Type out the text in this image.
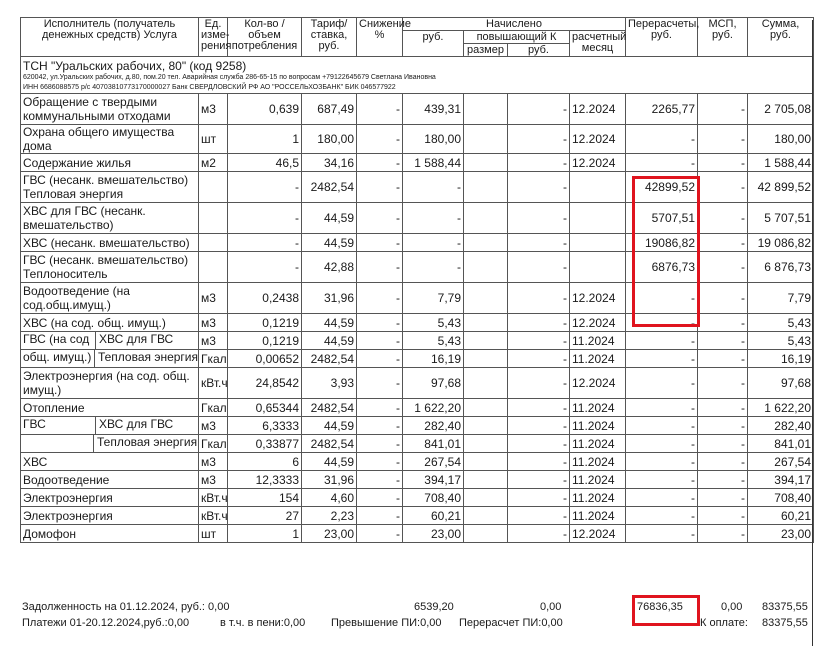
Исполнитель (получатель денежных средств) Услуга	Ед. изме-рения	Кол-во / объем потребления	Тариф/ ставка, руб.	Снижение %	Начислено				Перерасчеты, руб.	МСП, руб.	Сумма, руб.
					руб.	повышающий К		расчетный месяц			
						размер	руб.				

ТСН "Уральских рабочих, 80" (код 9258)
620042, ул.Уральских рабочих, д.80, пом.20 тел. Аварийная служба 286-65-15 по вопросам +79122645679 Светлана Ивановна
ИНН 6686088575 р/с 40703810773170000027 Банк СВЕРДЛОВСКИЙ РФ АО "РОССЕЛЬХОЗБАНК" БИК 046577922											

Обращение с твердыми коммунальными отходами	м3	0,639	687,49	-	439,31		-	12.2024	2265,77	-	2 705,08
Охрана общего имущества дома	шт	1	180,00	-	180,00		-	12.2024	-	-	180,00
Содержание жилья	м2	46,5	34,16	-	1 588,44		-	12.2024	-	-	1 588,44
ГВС (несанк. вмешательство) Тепловая энергия		-	2482,54	-	-		-		42899,52	-	42 899,52
ХВС для ГВС (несанк. вмешательство)		-	44,59	-	-		-		5707,51	-	5 707,51
ХВС (несанк. вмешательство)		-	44,59	-	-		-		19086,82	-	19 086,82
ГВС (несанк. вмешательство) Теплоноситель		-	42,88	-	-		-		6876,73	-	6 876,73
Водоотведение (на сод.общ.имущ.)	м3	0,2438	31,96	-	7,79		-	12.2024	-	-	7,79
ХВС (на сод. общ. имущ.)	м3	0,1219	44,59	-	5,43		-	12.2024	-	-	5,43

ГВС (на сод ХВС для ГВС	м3	0,1219	44,59	-	5,43		-	11.2024	-	-	5,43

общ. имущ.) Тепловая энергия	Гкал	0,00652	2482,54	-	16,19		-	11.2024	-	-	16,19
Электроэнергия (на сод. общ. имущ.)	кВт.ч	24,8542	3,93	-	97,68		-	12.2024	-	-	97,68
Отопление	Гкал	0,65344	2482,54	-	1 622,20		-	11.2024	-	-	1 622,20

ГВС ХВС для ГВС	м3	6,3333	44,59	-	282,40		-	11.2024	-	-	282,40

Тепловая энергия	Гкал	0,33877	2482,54	-	841,01		-	11.2024	-	-	841,01
ХВС	м3	6	44,59	-	267,54		-	11.2024	-	-	267,54
Водоотведение	м3	12,3333	31,96	-	394,17		-	11.2024	-	-	394,17
Электроэнергия	кВт.ч	154	4,60	-	708,40		-	11.2024	-	-	708,40
Электроэнергия	кВт.ч	27	2,23	-	60,21		-	11.2024	-	-	60,21
Домофон	шт	1	23,00	-	23,00		-	12.2024	-	-	23,00
Задолженность на 01.12.2024, руб.: 0,00	6539,20	0,00	76836,35	0,00 83375,55
Платежи 01-20.12.2024,руб.:0,00	в т.ч. в пени:0,00 Превышение ПИ:0,00 Перерасчет ПИ:0,00	К оплате: 83375,55
